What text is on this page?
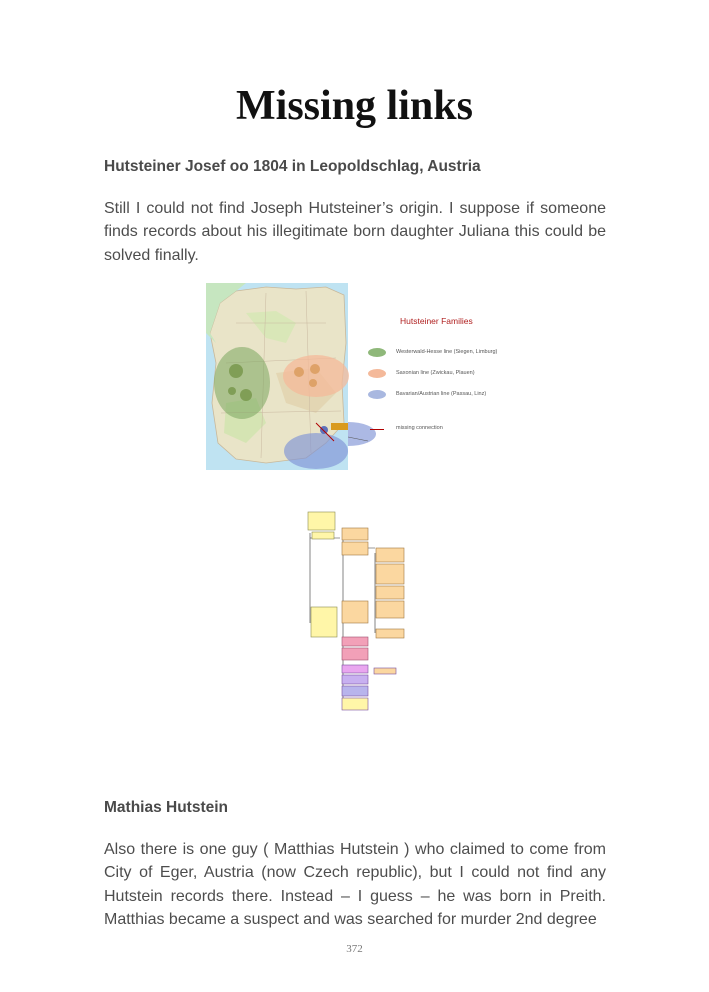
Missing links
Hutsteiner Josef oo 1804 in Leopoldschlag, Austria

Still I could not find Joseph Hutsteiner’s origin. I suppose if someone finds records about his illegitimate born daughter Juliana this could be solved finally.

Hutsteiner Families
Westerwald-Hesse line (Siegen, Limburg)
Saxonian line (Zwickau, Plauen)
Bavarian/Austrian line (Passau, Linz)
missing connection
Mathias Hutstein

Also there is one guy ( Matthias Hutstein ) who claimed to come from City of Eger, Austria (now Czech republic), but I could not find any Hutstein records there. Instead – I guess – he was born in Preith. Matthias became a suspect and was searched for murder 2nd degree

372
